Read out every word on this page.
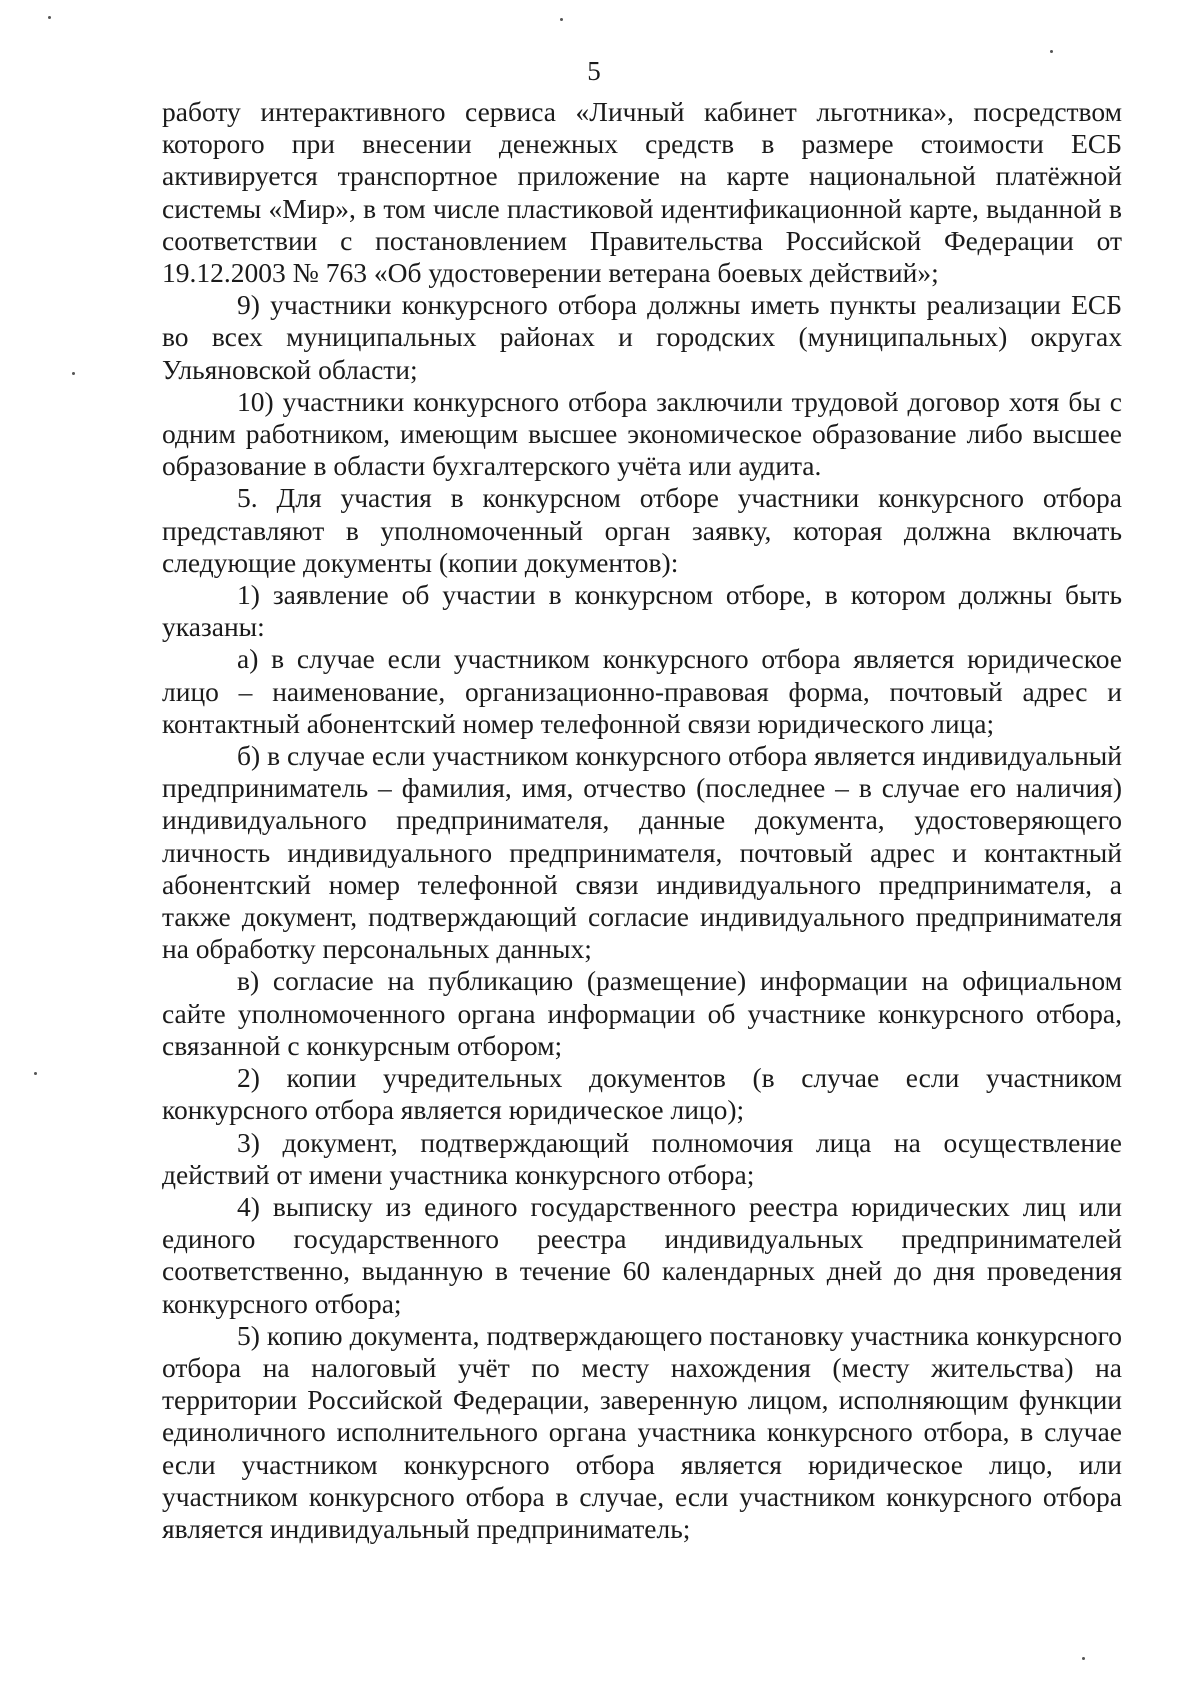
5

работу интерактивного сервиса «Личный кабинет льготника», посредством которого при внесении денежных средств в размере стоимости ЕСБ активируется транспортное приложение на карте национальной платёжной системы «Мир», в том числе пластиковой идентификационной карте, выданной в соответствии с постановлением Правительства Российской Федерации от 19.12.2003 № 763 «Об удостоверении ветерана боевых действий»;

9) участники конкурсного отбора должны иметь пункты реализации ЕСБ во всех муниципальных районах и городских (муниципальных) округах Ульяновской области;

10) участники конкурсного отбора заключили трудовой договор хотя бы с одним работником, имеющим высшее экономическое образование либо высшее образование в области бухгалтерского учёта или аудита.

5. Для участия в конкурсном отборе участники конкурсного отбора представляют в уполномоченный орган заявку, которая должна включать следующие документы (копии документов):

1) заявление об участии в конкурсном отборе, в котором должны быть указаны:

а) в случае если участником конкурсного отбора является юридическое лицо – наименование, организационно-правовая форма, почтовый адрес и контактный абонентский номер телефонной связи юридического лица;

б) в случае если участником конкурсного отбора является индивидуальный предприниматель – фамилия, имя, отчество (последнее – в случае его наличия) индивидуального предпринимателя, данные документа, удостоверяющего личность индивидуального предпринимателя, почтовый адрес и контактный абонентский номер телефонной связи индивидуального предпринимателя, а также документ, подтверждающий согласие индивидуального предпринимателя на обработку персональных данных;

в) согласие на публикацию (размещение) информации на официальном сайте уполномоченного органа информации об участнике конкурсного отбора, связанной с конкурсным отбором;

2) копии учредительных документов (в случае если участником конкурсного отбора является юридическое лицо);

3) документ, подтверждающий полномочия лица на осуществление действий от имени участника конкурсного отбора;

4) выписку из единого государственного реестра юридических лиц или единого государственного реестра индивидуальных предпринимателей соответственно, выданную в течение 60 календарных дней до дня проведения конкурсного отбора;

5) копию документа, подтверждающего постановку участника конкурсного отбора на налоговый учёт по месту нахождения (месту жительства) на территории Российской Федерации, заверенную лицом, исполняющим функции единоличного исполнительного органа участника конкурсного отбора, в случае если участником конкурсного отбора является юридическое лицо, или участником конкурсного отбора в случае, если участником конкурсного отбора является индивидуальный предприниматель;
